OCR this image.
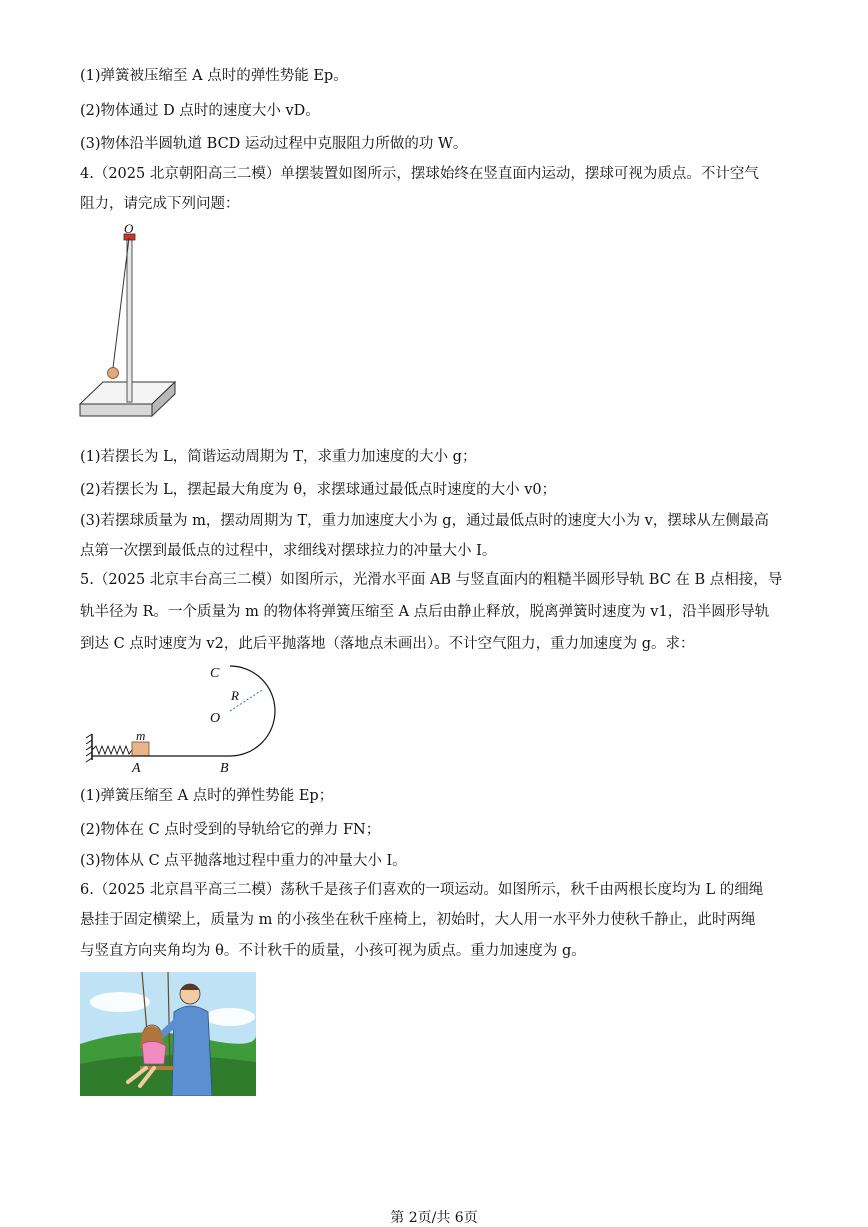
(1)弹簧被压缩至 A 点时的弹性势能 Ep。
(2)物体通过 D 点时的速度大小 vD。
(3)物体沿半圆轨道 BCD 运动过程中克服阻力所做的功 W。
4.（2025 北京朝阳高三二模）单摆装置如图所示，摆球始终在竖直面内运动，摆球可视为质点。不计空气
阻力，请完成下列问题：
O
(1)若摆长为 L，简谐运动周期为 T，求重力加速度的大小 g；
(2)若摆长为 L，摆起最大角度为 θ，求摆球通过最低点时速度的大小 v0；
(3)若摆球质量为 m，摆动周期为 T，重力加速度大小为 g，通过最低点时的速度大小为 v，摆球从左侧最高
点第一次摆到最低点的过程中，求细线对摆球拉力的冲量大小 I。
5.（2025 北京丰台高三二模）如图所示，光滑水平面 AB 与竖直面内的粗糙半圆形导轨 BC 在 B 点相接，导
轨半径为 R。一个质量为 m 的物体将弹簧压缩至 A 点后由静止释放，脱离弹簧时速度为 v1，沿半圆形导轨
到达 C 点时速度为 v2，此后平抛落地（落地点未画出）。不计空气阻力，重力加速度为 g。求：
C
R
O
m
A	B
(1)弹簧压缩至 A 点时的弹性势能 Ep；
(2)物体在 C 点时受到的导轨给它的弹力 FN；
(3)物体从 C 点平抛落地过程中重力的冲量大小 I。
6.（2025 北京昌平高三二模）荡秋千是孩子们喜欢的一项运动。如图所示，秋千由两根长度均为 L 的细绳
悬挂于固定横梁上，质量为 m 的小孩坐在秋千座椅上，初始时，大人用一水平外力使秋千静止，此时两绳
与竖直方向夹角均为 θ。不计秋千的质量，小孩可视为质点。重力加速度为 g。
第 2页/共 6页
